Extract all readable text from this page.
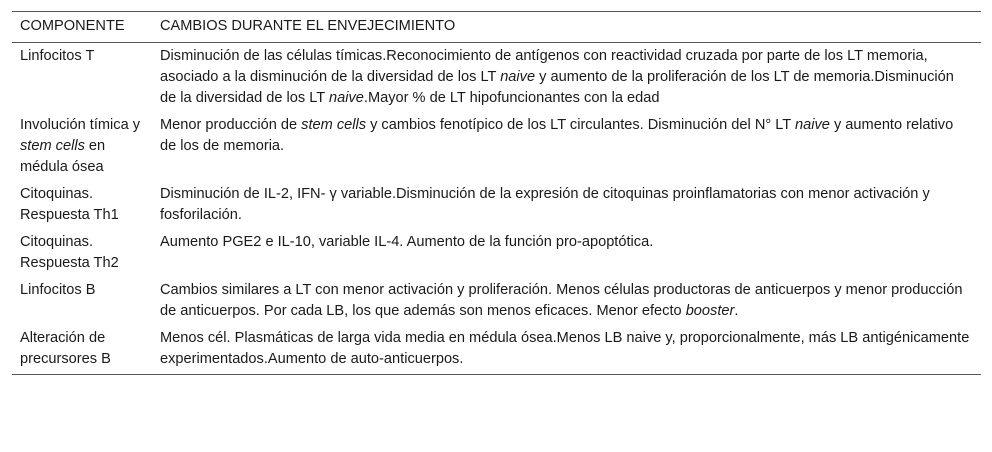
COMPONENTE	CAMBIOS DURANTE EL ENVEJECIMIENTO
Linfocitos T	Disminución de las células tímicas.Reconocimiento de antígenos con reactividad cruzada por parte de los LT memoria, asociado a la disminución de la diversidad de los LT naive y aumento de la proliferación de los LT de memoria.Disminución de la diversidad de los LT naive.Mayor % de LT hipofuncionantes con la edad
Involución tímica y stem cells en médula ósea	Menor producción de stem cells y cambios fenotípico de los LT circulantes. Disminución del N° LT naive y aumento relativo de los de memoria.
Citoquinas. Respuesta Th1	Disminución de IL-2, IFN- γ variable.Disminución de la expresión de citoquinas proinflamatorias con menor activación y fosforilación.
Citoquinas. Respuesta Th2	Aumento PGE2 e IL-10, variable IL-4. Aumento de la función pro-apoptótica.
Linfocitos B	Cambios similares a LT con menor activación y proliferación. Menos células productoras de anticuerpos y menor producción de anticuerpos. Por cada LB, los que además son menos eficaces. Menor efecto booster.
Alteración de precursores B	Menos cél. Plasmáticas de larga vida media en médula ósea.Menos LB naive y, proporcionalmente, más LB antigénicamente experimentados.Aumento de auto-anticuerpos.
